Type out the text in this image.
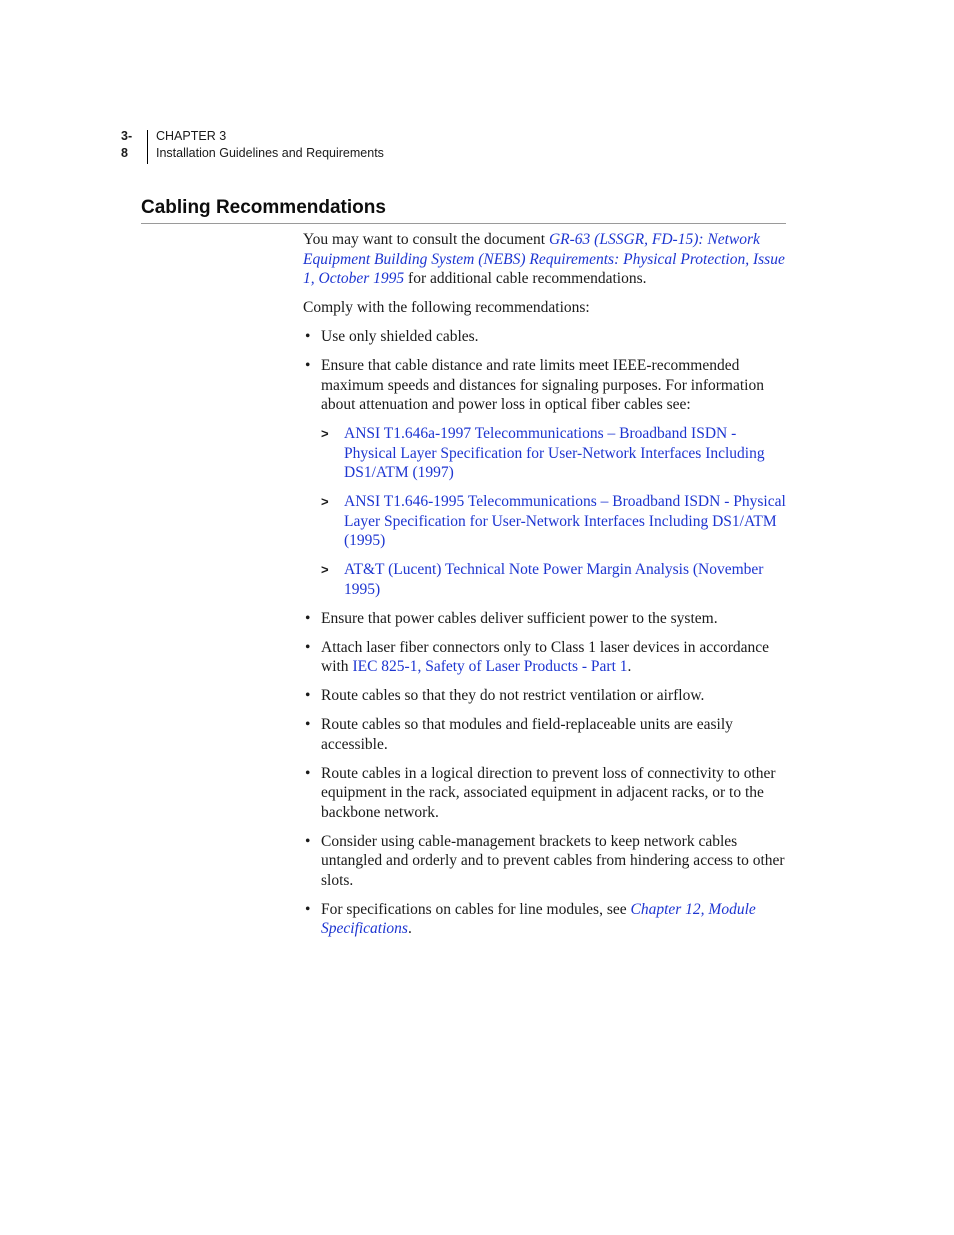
3-8
CHAPTER 3
Installation Guidelines and Requirements
Cabling Recommendations

You may want to consult the document GR-63 (LSSGR, FD-15): Network Equipment Building System (NEBS) Requirements: Physical Protection, Issue 1, October 1995 for additional cable recommendations.

Comply with the following recommendations:

• Use only shielded cables.
• Ensure that cable distance and rate limits meet IEEE-recommended maximum speeds and distances for signaling purposes. For information about attenuation and power loss in optical fiber cables see:
> ANSI T1.646a-1997 Telecommunications – Broadband ISDN - Physical Layer Specification for User-Network Interfaces Including DS1/ATM (1997)
> ANSI T1.646-1995 Telecommunications – Broadband ISDN - Physical Layer Specification for User-Network Interfaces Including DS1/ATM (1995)
> AT&T (Lucent) Technical Note Power Margin Analysis (November 1995)
• Ensure that power cables deliver sufficient power to the system.
• Attach laser fiber connectors only to Class 1 laser devices in accordance with IEC 825-1, Safety of Laser Products - Part 1.
• Route cables so that they do not restrict ventilation or airflow.
• Route cables so that modules and field-replaceable units are easily accessible.
• Route cables in a logical direction to prevent loss of connectivity to other equipment in the rack, associated equipment in adjacent racks, or to the backbone network.
• Consider using cable-management brackets to keep network cables untangled and orderly and to prevent cables from hindering access to other slots.
• For specifications on cables for line modules, see Chapter 12, Module Specifications.
